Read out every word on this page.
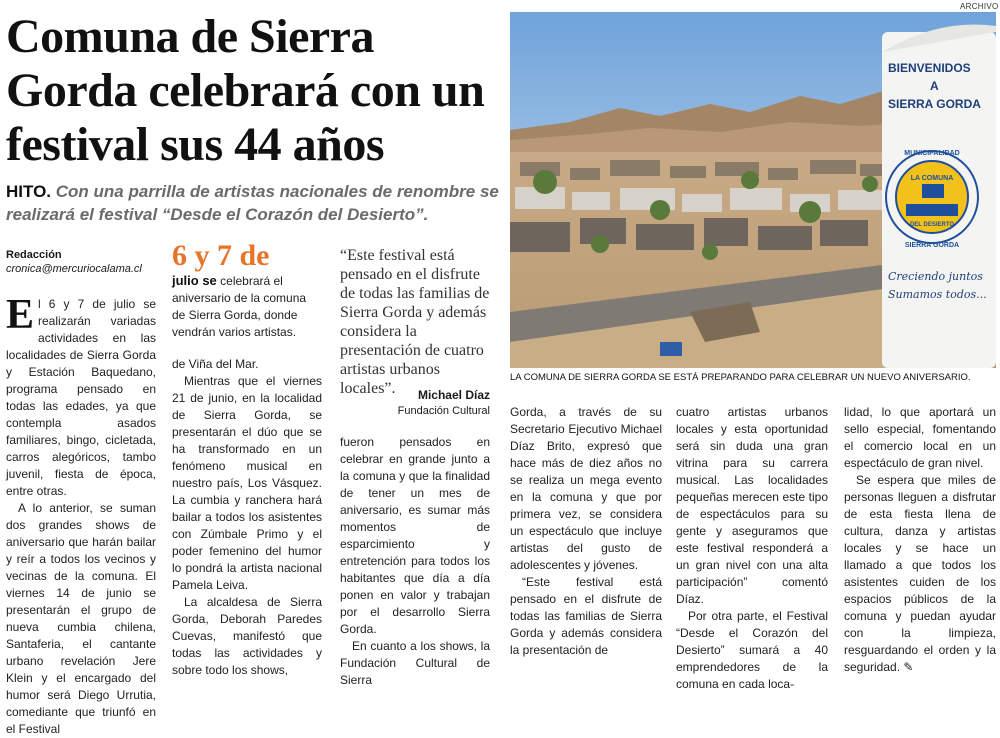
ARCHIVO
Comuna de Sierra Gorda celebrará con un festival sus 44 años

HITO. Con una parrilla de artistas nacionales de renombre se realizará el festival “Desde el Corazón del Desierto”.

Redacción
cronica@mercuriocalama.cl
BIENVENIDOS
A
SIERRA GORDA
LA COMUNA
DEL DESIERTO
MUNICIPALIDAD
SIERRA GORDA
Creciendo juntos
Sumamos todos...
LA COMUNA DE SIERRA GORDA SE ESTÁ PREPARANDO PARA CELEBRAR UN NUEVO ANIVERSARIO.
6 y 7 de
julio se celebrará el aniversario de la comuna de Sierra Gorda, donde vendrán varios artistas.
“Este festival está pensado en el disfrute de todas las familias de Sierra Gorda y además considera la presentación de cuatro artistas urbanos locales”.	Michael Díaz
Fundación Cultural

El 6 y 7 de julio se realizarán variadas actividades en las localidades de Sierra Gorda y Estación Baquedano, programa pensado en todas las edades, ya que contempla asados familiares, bingo, cicletada, carros alegóricos, tambo juvenil, fiesta de época, entre otras.

A lo anterior, se suman dos grandes shows de aniversario que harán bailar y reír a todos los vecinos y vecinas de la comuna. El viernes 14 de junio se presentarán el grupo de nueva cumbia chilena, Santaferia, el cantante urbano revelación Jere Klein y el encargado del humor será Diego Urrutia, comediante que triunfó en el Festival

de Viña del Mar.

Mientras que el viernes 21 de junio, en la localidad de Sierra Gorda, se presentarán el dúo que se ha transformado en un fenómeno musical en nuestro país, Los Vásquez. La cumbia y ranchera hará bailar a todos los asistentes con Zúmbale Primo y el poder femenino del humor lo pondrá la artista nacional Pamela Leiva.

La alcaldesa de Sierra Gorda, Deborah Paredes Cuevas, manifestó que todas las actividades y sobre todo los shows,

fueron pensados en celebrar en grande junto a la comuna y que la finalidad de tener un mes de aniversario, es sumar más momentos de esparcimiento y entretención para todos los habitantes que día a día ponen en valor y trabajan por el desarrollo Sierra Gorda.

En cuanto a los shows, la Fundación Cultural de Sierra

Gorda, a través de su Secretario Ejecutivo Michael Díaz Brito, expresó que hace más de diez años no se realiza un mega evento en la comuna y que por primera vez, se considera un espectáculo que incluye artistas del gusto de adolescentes y jóvenes.

“Este festival está pensado en el disfrute de todas las familias de Sierra Gorda y además considera la presentación de

cuatro artistas urbanos locales y esta oportunidad será sin duda una gran vitrina para su carrera musical. Las localidades pequeñas merecen este tipo de espectáculos para su gente y aseguramos que este festival responderá a un gran nivel con una alta participación” comentó Díaz.

Por otra parte, el Festival “Desde el Corazón del Desierto” sumará a 40 emprendedores de la comuna en cada loca-

lidad, lo que aportará un sello especial, fomentando el comercio local en un espectáculo de gran nivel.

Se espera que miles de personas lleguen a disfrutar de esta fiesta llena de cultura, danza y artistas locales y se hace un llamado a que todos los asistentes cuiden de los espacios públicos de la comuna y puedan ayudar con la limpieza, resguardando el orden y la seguridad. ✎
